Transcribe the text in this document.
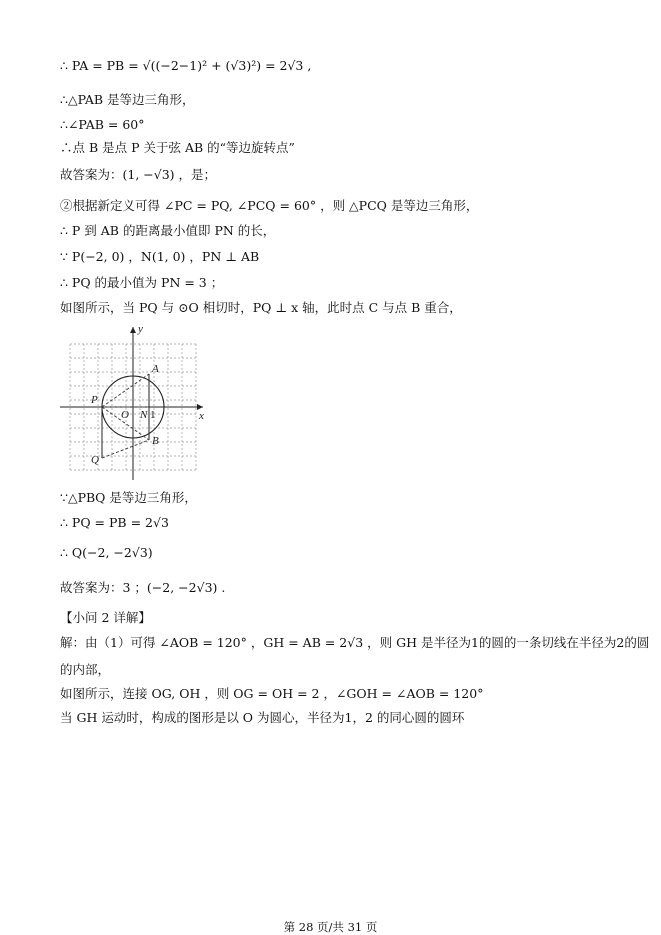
∴ PA = PB = √((−2−1)² + (√3)²) = 2√3 ,
∴△PAB 是等边三角形，
∴∠PAB = 60°
∴点 B 是点 P 关于弦 AB 的“等边旋转点”
故答案为：(1, −√3) ，是；
②根据新定义可得 ∠PC = PQ, ∠PCQ = 60° ，则 △PCQ 是等边三角形，
∴ P 到 AB 的距离最小值即 PN 的长，
∵ P(−2, 0) ，N(1, 0) ，PN ⊥ AB
∴ PQ 的最小值为 PN = 3 ；
如图所示，当 PQ 与 ⊙O 相切时，PQ ⊥ x 轴，此时点 C 与点 B 重合，
y
x
A
B
P
Q
O N 1
∵△PBQ 是等边三角形，
∴ PQ = PB = 2√3
∴ Q(−2, −2√3)
故答案为：3 ；(−2, −2√3) .
【小问 2 详解】
解：由（1）可得 ∠AOB = 120° ，GH = AB = 2√3 ，则 GH 是半径为1的圆的一条切线在半径为2的圆
的内部，
如图所示，连接 OG, OH ，则 OG = OH = 2 ，∠GOH = ∠AOB = 120°
当 GH 运动时，构成的图形是以 O 为圆心，半径为1，2 的同心圆的圆环
第 28 页/共 31 页
